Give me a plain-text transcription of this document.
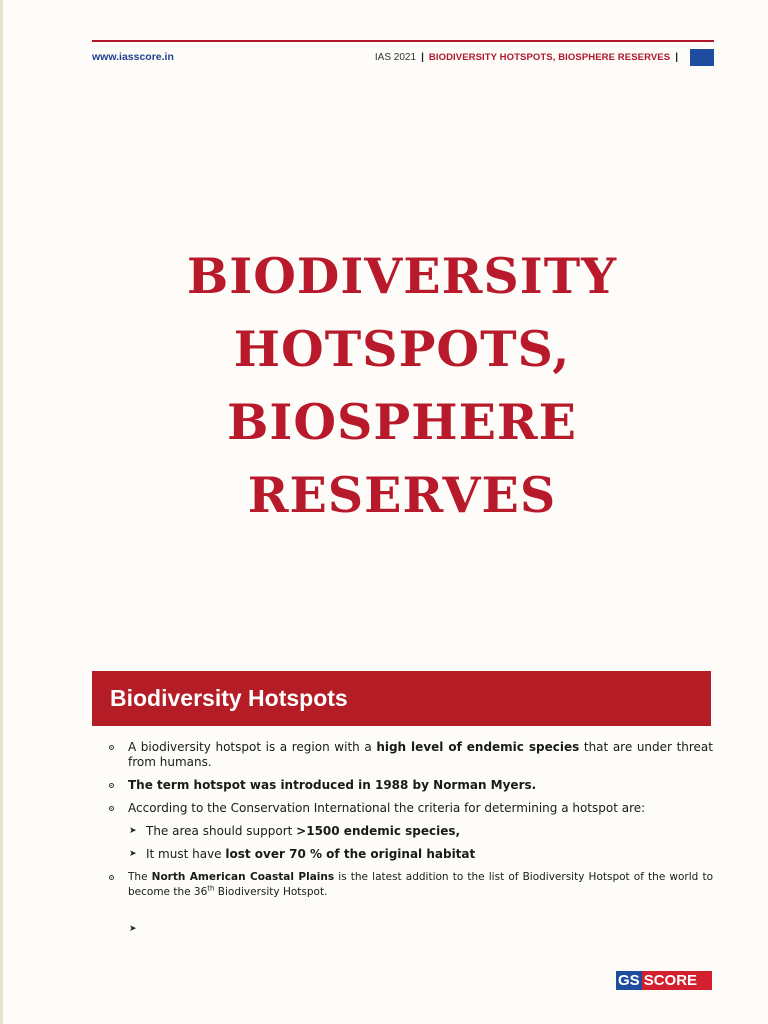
www.iasscore.in	IAS 2021 | BIODIVERSITY HOTSPOTS, BIOSPHERE RESERVES |
BIODIVERSITY
HOTSPOTS,
BIOSPHERE
RESERVES
Biodiversity Hotspots
A biodiversity hotspot is a region with a high level of endemic species that are under threat from humans.
The term hotspot was introduced in 1988 by Norman Myers.
According to the Conservation International the criteria for determining a hotspot are:
➤ The area should support >1500 endemic species,
➤ It must have lost over 70 % of the original habitat
The North American Coastal Plains is the latest addition to the list of Biodiversity Hotspot of the world to become the 36th Biodiversity Hotspot.
➤

GS SCORE
